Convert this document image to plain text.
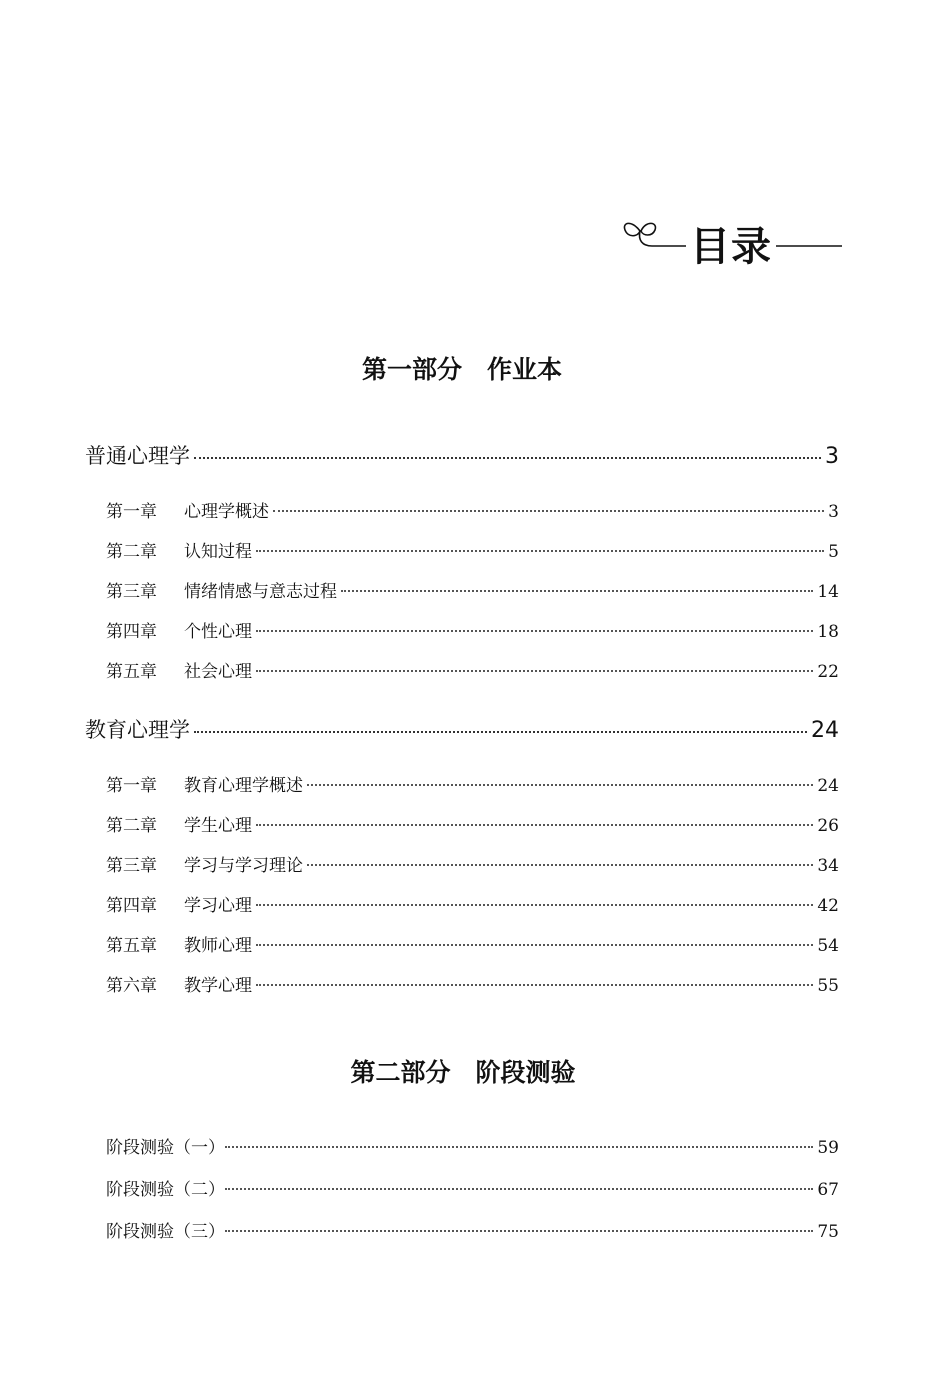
目录
第一部分　作业本
普通心理学	3
第一章	心理学概述	3
第二章	认知过程	5
第三章	情绪情感与意志过程	14
第四章	个性心理	18
第五章	社会心理	22
教育心理学	24
第一章	教育心理学概述	24
第二章	学生心理	26
第三章	学习与学习理论	34
第四章	学习心理	42
第五章	教师心理	54
第六章	教学心理	55
第二部分　阶段测验
阶段测验（一）	59
阶段测验（二）	67
阶段测验（三）	75
